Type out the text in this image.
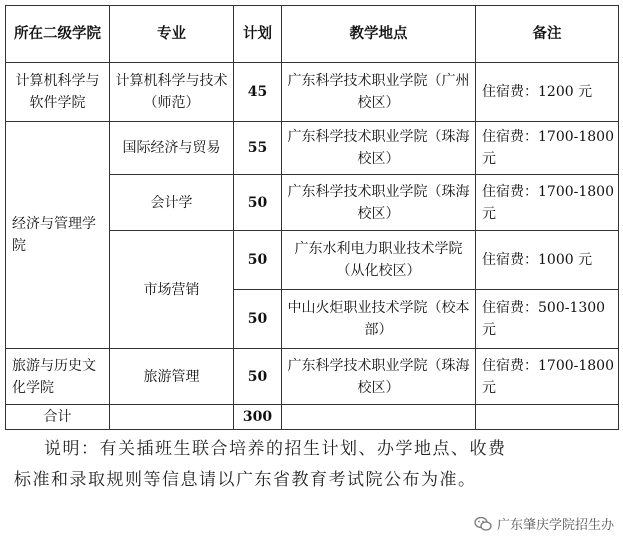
所在二级学院	专业	计划	教学地点	备注
计算机科学与软件学院	计算机科学与技术（师范）	45	广东科学技术职业学院（广州校区）	住宿费：1200 元
经济与管理学院	国际经济与贸易	55	广东科学技术职业学院（珠海校区）	住宿费：1700-1800 元
	会计学	50	广东科学技术职业学院（珠海校区）	住宿费：1700-1800 元
	市场营销	50	广东水利电力职业技术学院（从化校区）	住宿费：1000 元
		50	中山火炬职业技术学院（校本部）	住宿费：500-1300 元
旅游与历史文化学院	旅游管理	50	广东科学技术职业学院（珠海校区）	住宿费：1700-1800 元
合计		300		
说明：有关插班生联合培养的招生计划、办学地点、收费
标准和录取规则等信息请以广东省教育考试院公布为准。
广东肇庆学院招生办
